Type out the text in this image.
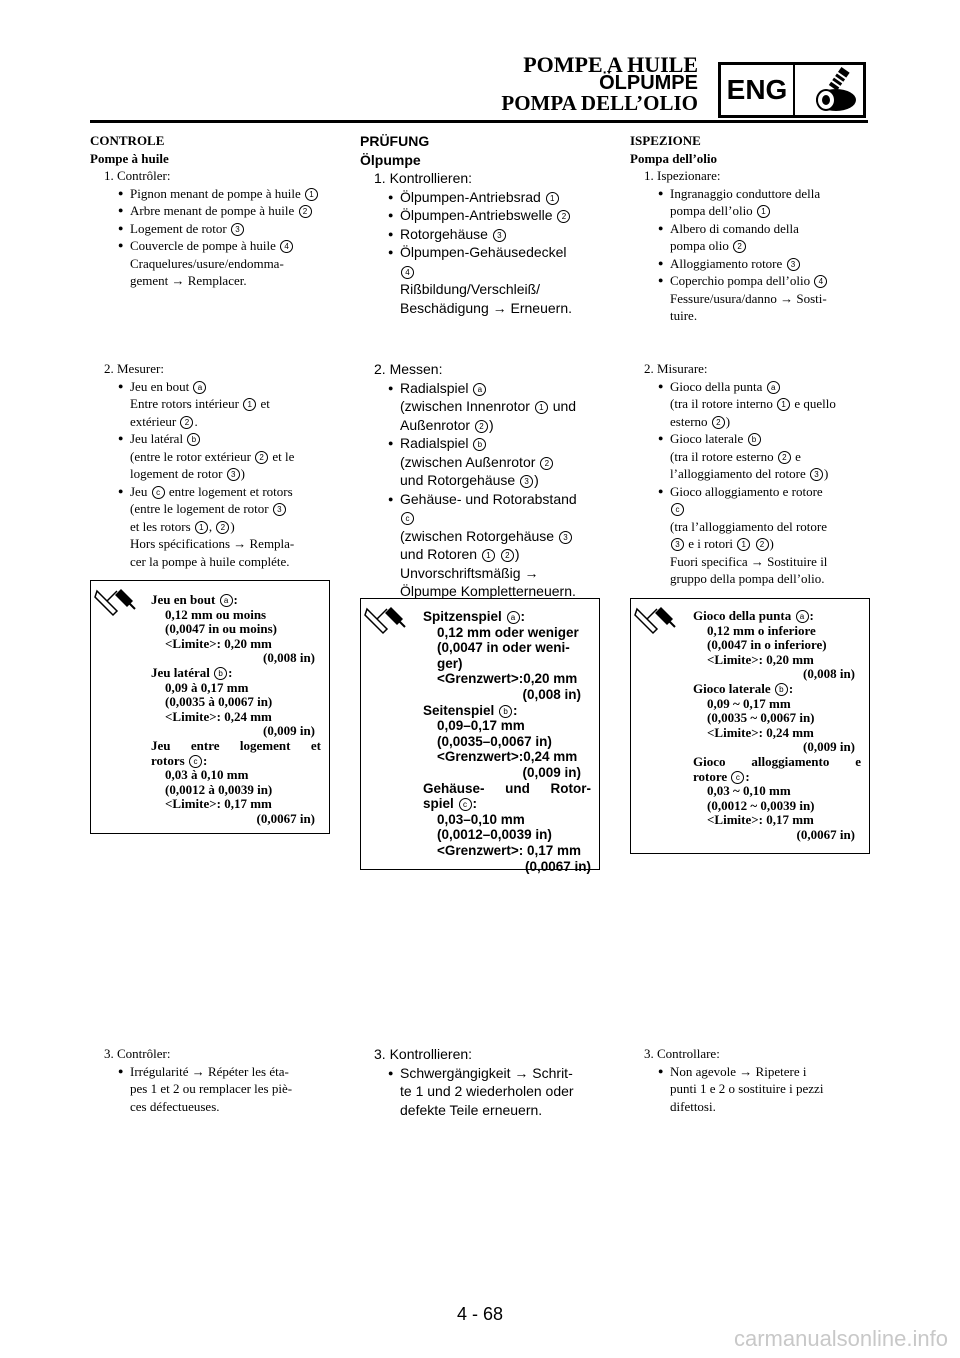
POMPE A HUILE
ÖLPUMPE
POMPA DELL’OLIO ENG
CONTROLE
Pompe à huile
1. Contrôler:
● Pignon menant de pompe à huile 1
● Arbre menant de pompe à huile 2
● Logement de rotor 3
● Couvercle de pompe à huile 4
Craquelures/usure/endomma-
gement → Remplacer.
2. Mesurer:
● Jeu en bout a
Entre rotors intérieur 1 et
extérieur 2 .
● Jeu latéral b
(entre le rotor extérieur 2 et le
logement de rotor 3 )
● Jeu c entre logement et rotors
(entre le logement de rotor 3
et les rotors 1 , 2 )
Hors spécifications → Rempla-
cer la pompe à huile compléte.
Jeu en bout a :
0,12 mm ou moins
(0,0047 in ou moins)
<Limite>: 0,20 mm
(0,008 in)
Jeu latéral b :
0,09 à 0,17 mm
(0,0035 à 0,0067 in)
<Limite>: 0,24 mm
(0,009 in)
Jeu entre logement et
rotors c :
0,03 à 0,10 mm
(0,0012 à 0,0039 in)
<Limite>: 0,17 mm
(0,0067 in)
3. Contrôler:
● Irrégularité → Répéter les éta-
pes 1 et 2 ou remplacer les piè-
ces défectueuses.
PRÜFUNG
Ölpumpe
1. Kontrollieren:
● Ölpumpen-Antriebsrad 1
● Ölpumpen-Antriebswelle 2
● Rotorgehäuse 3
● Ölpumpen-Gehäusedeckel
4
Rißbildung/Verschleiß/
Beschädigung → Erneuern.
2. Messen:
● Radialspiel a
(zwischen Innenrotor 1 und
Außenrotor 2 )
● Radialspiel b
(zwischen Außenrotor 2
und Rotorgehäuse 3 )
● Gehäuse- und Rotorabstand
c
(zwischen Rotorgehäuse 3
und Rotoren 1 2 )
Unvorschriftsmäßig →
Ölpumpe Kompletterneuern.
Spitzenspiel a :
0,12 mm oder weniger
(0,0047 in oder weni-
ger)
<Grenzwert>:0,20 mm
(0,008 in)
Seitenspiel b :
0,09–0,17 mm
(0,0035–0,0067 in)
<Grenzwert>:0,24 mm
(0,009 in)
Gehäuse- und Rotor-
spiel c :
0,03–0,10 mm
(0,0012–0,0039 in)
<Grenzwert>: 0,17 mm
(0,0067 in)
3. Kontrollieren:
● Schwergängigkeit → Schrit-
te 1 und 2 wiederholen oder
defekte Teile erneuern.
ISPEZIONE
Pompa dell’olio
1. Ispezionare:
● Ingranaggio conduttore della
pompa dell’olio 1
● Albero di comando della
pompa olio 2
● Alloggiamento rotore 3
● Coperchio pompa dell’olio 4
Fessure/usura/danno → Sosti-
tuire.
2. Misurare:
● Gioco della punta a
(tra il rotore interno 1 e quello
esterno 2 )
● Gioco laterale b
(tra il rotore esterno 2 e
l’alloggiamento del rotore 3 )
● Gioco alloggiamento e rotore
c
(tra l’alloggiamento del rotore
3 e i rotori 1 2 )
Fuori specifica → Sostituire il
gruppo della pompa dell’olio.
Gioco della punta a :
0,12 mm o inferiore
(0,0047 in o inferiore)
<Limite>: 0,20 mm
(0,008 in)
Gioco laterale b :
0,09 ~ 0,17 mm
(0,0035 ~ 0,0067 in)
<Limite>: 0,24 mm
(0,009 in)
Gioco alloggiamento e
rotore c :
0,03 ~ 0,10 mm
(0,0012 ~ 0,0039 in)
<Limite>: 0,17 mm
(0,0067 in)
3. Controllare:
● Non agevole → Ripetere i
punti 1 e 2 o sostituire i pezzi
difettosi.
4 - 68
carmanualsonline.info
